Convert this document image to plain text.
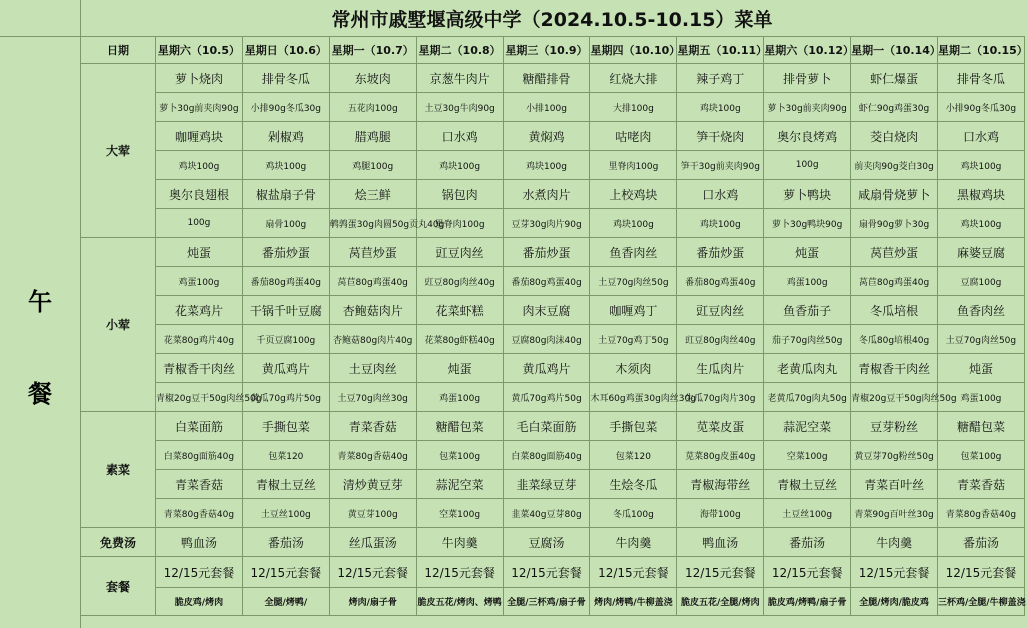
常州市戚墅堰高级中学（2024.10.5-10.15）菜单
午
餐
日期	星期六（10.5）	星期日（10.6）	星期一（10.7）	星期二（10.8）	星期三（10.9）	星期四（10.10）	星期五（10.11）	星期六（10.12）	星期一（10.14）	星期二（10.15）
大荤	萝卜烧肉	排骨冬瓜	东坡肉	京葱牛肉片	糖醋排骨	红烧大排	辣子鸡丁	排骨萝卜	虾仁爆蛋	排骨冬瓜
	萝卜30g前夹肉90g	小排90g冬瓜30g	五花肉100g	土豆30g牛肉90g	小排100g	大排100g	鸡块100g	萝卜30g前夹肉90g	虾仁90g鸡蛋30g	小排90g冬瓜30g
	咖喱鸡块	剁椒鸡	腊鸡腿	口水鸡	黄焖鸡	咕咾肉	笋干烧肉	奥尔良烤鸡	茭白烧肉	口水鸡
	鸡块100g	鸡块100g	鸡腿100g	鸡块100g	鸡块100g	里脊肉100g	笋干30g前夹肉90g	100g	前夹肉90g茭白30g	鸡块100g
	奥尔良翅根	椒盐扇子骨	烩三鲜	锅包肉	水煮肉片	上校鸡块	口水鸡	萝卜鸭块	咸扇骨烧萝卜	黑椒鸡块
	100g	扇骨100g	鹌鹑蛋30g肉圆50g贡丸40g	里脊肉100g	豆芽30g肉片90g	鸡块100g	鸡块100g	萝卜30g鸭块90g	扇骨90g萝卜30g	鸡块100g
小荤	炖蛋	番茄炒蛋	莴苣炒蛋	豇豆肉丝	番茄炒蛋	鱼香肉丝	番茄炒蛋	炖蛋	莴苣炒蛋	麻婆豆腐
	鸡蛋100g	番茄80g鸡蛋40g	莴苣80g鸡蛋40g	豇豆80g肉丝40g	番茄80g鸡蛋40g	土豆70g肉丝50g	番茄80g鸡蛋40g	鸡蛋100g	莴苣80g鸡蛋40g	豆腐100g
	花菜鸡片	干锅千叶豆腐	杏鲍菇肉片	花菜虾糕	肉末豆腐	咖喱鸡丁	豇豆肉丝	鱼香茄子	冬瓜培根	鱼香肉丝
	花菜80g鸡片40g	千页豆腐100g	杏鲍菇80g肉片40g	花菜80g虾糕40g	豆腐80g肉沫40g	土豆70g鸡丁50g	豇豆80g肉丝40g	茄子70g肉丝50g	冬瓜80g培根40g	土豆70g肉丝50g
	青椒香干肉丝	黄瓜鸡片	土豆肉丝	炖蛋	黄瓜鸡片	木须肉	生瓜肉片	老黄瓜肉丸	青椒香干肉丝	炖蛋
	青椒20g豆干50g肉丝50g	黄瓜70g鸡片50g	土豆70g肉丝30g	鸡蛋100g	黄瓜70g鸡片50g	木耳60g鸡蛋30g肉丝30g	生瓜70g肉片30g	老黄瓜70g肉丸50g	青椒20g豆干50g肉丝50g	鸡蛋100g
素菜	白菜面筋	手撕包菜	青菜香菇	糖醋包菜	毛白菜面筋	手撕包菜	苋菜皮蛋	蒜泥空菜	豆芽粉丝	糖醋包菜
	白菜80g面筋40g	包菜120	青菜80g香菇40g	包菜100g	白菜80g面筋40g	包菜120	苋菜80g皮蛋40g	空菜100g	黄豆芽70g粉丝50g	包菜100g
	青菜香菇	青椒土豆丝	清炒黄豆芽	蒜泥空菜	韭菜绿豆芽	生烩冬瓜	青椒海带丝	青椒土豆丝	青菜百叶丝	青菜香菇
	青菜80g香菇40g	土豆丝100g	黄豆芽100g	空菜100g	韭菜40g豆芽80g	冬瓜100g	海带100g	土豆丝100g	青菜90g百叶丝30g	青菜80g香菇40g
免费汤	鸭血汤	番茄汤	丝瓜蛋汤	牛肉羹	豆腐汤	牛肉羹	鸭血汤	番茄汤	牛肉羹	番茄汤
套餐	12/15元套餐	12/15元套餐	12/15元套餐	12/15元套餐	12/15元套餐	12/15元套餐	12/15元套餐	12/15元套餐	12/15元套餐	12/15元套餐
	脆皮鸡/烤肉	全腿/烤鸭/	烤肉/扇子骨	脆皮五花/烤肉、烤鸭	全腿/三杯鸡/扇子骨	烤肉/烤鸭/牛柳盖浇	脆皮五花/全腿/烤肉	脆皮鸡/烤鸭/扇子骨	全腿/烤肉/脆皮鸡	三杯鸡/全腿/牛柳盖浇
